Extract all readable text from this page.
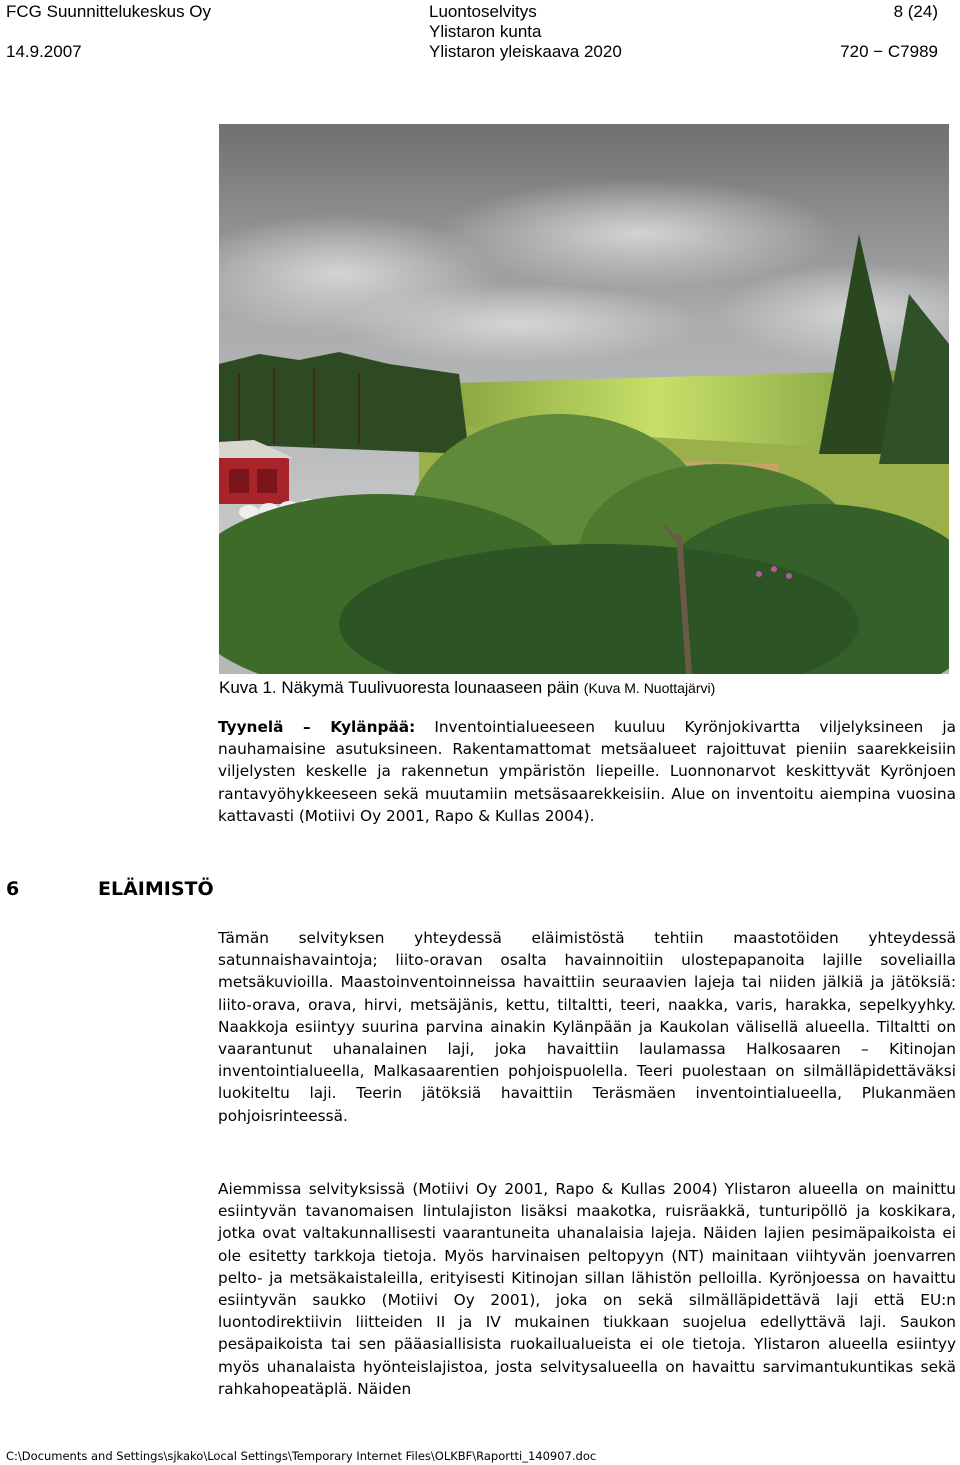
FCG Suunnittelukeskus Oy
14.9.2007
Luontoselvitys
Ylistaron kunta
Ylistaron yleiskaava 2020
8 (24)
720 − C7989
Kuva 1. Näkymä Tuulivuoresta lounaaseen päin (Kuva M. Nuottajärvi)
Tyynelä – Kylänpää: Inventointialueeseen kuuluu Kyrönjokivartta viljelyksineen ja nauhamaisine asutuksineen. Rakentamattomat metsäalueet rajoittuvat pieniin saarekkeisiin viljelysten keskelle ja rakennetun ympäristön liepeille. Luonnonarvot keskittyvät Kyrönjoen rantavyöhykkeeseen sekä muutamiin metsäsaarekkeisiin. Alue on inventoitu aiempina vuosina kattavasti (Motiivi Oy 2001, Rapo & Kullas 2004).
6	ELÄIMISTÖ
Tämän selvityksen yhteydessä eläimistöstä tehtiin maastotöiden yhteydessä satunnaishavaintoja; liito-oravan osalta havainnoitiin ulostepapanoita lajille soveliailla metsäkuvioilla. Maastoinventoinneissa havaittiin seuraavien lajeja tai niiden jälkiä ja jätöksiä: liito-orava, orava, hirvi, metsäjänis, kettu, tiltaltti, teeri, naakka, varis, harakka, sepelkyyhky. Naakkoja esiintyy suurina parvina ainakin Kylänpään ja Kaukolan välisellä alueella. Tiltaltti on vaarantunut uhanalainen laji, joka havaittiin laulamassa Halkosaaren – Kitinojan inventointialueella, Malkasaarentien pohjoispuolella. Teeri puolestaan on silmälläpidettäväksi luokiteltu laji. Teerin jätöksiä havaittiin Teräsmäen inventointialueella, Plukanmäen pohjoisrinteessä.
Aiemmissa selvityksissä (Motiivi Oy 2001, Rapo & Kullas 2004) Ylistaron alueella on mainittu esiintyvän tavanomaisen lintulajiston lisäksi maakotka, ruisräakkä, tunturipöllö ja koskikara, jotka ovat valtakunnallisesti vaarantuneita uhanalaisia lajeja. Näiden lajien pesimäpaikoista ei ole esitetty tarkkoja tietoja. Myös harvinaisen peltopyyn (NT) mainitaan viihtyvän joenvarren pelto- ja metsäkaistaleilla, erityisesti Kitinojan sillan lähistön pelloilla. Kyrönjoessa on havaittu esiintyvän saukko (Motiivi Oy 2001), joka on sekä silmälläpidettävä laji että EU:n luontodirektiivin liitteiden II ja IV mukainen tiukkaan suojelua edellyttävä laji. Saukon pesäpaikoista tai sen pääasiallisista ruokailualueista ei ole tietoja. Ylistaron alueella esiintyy myös uhanalaista hyönteislajistoa, josta selvitysalueella on havaittu sarvimantukuntikas sekä rahkahopeatäplä. Näiden
C:\Documents and Settings\sjkako\Local Settings\Temporary Internet Files\OLKBF\Raportti_140907.doc
